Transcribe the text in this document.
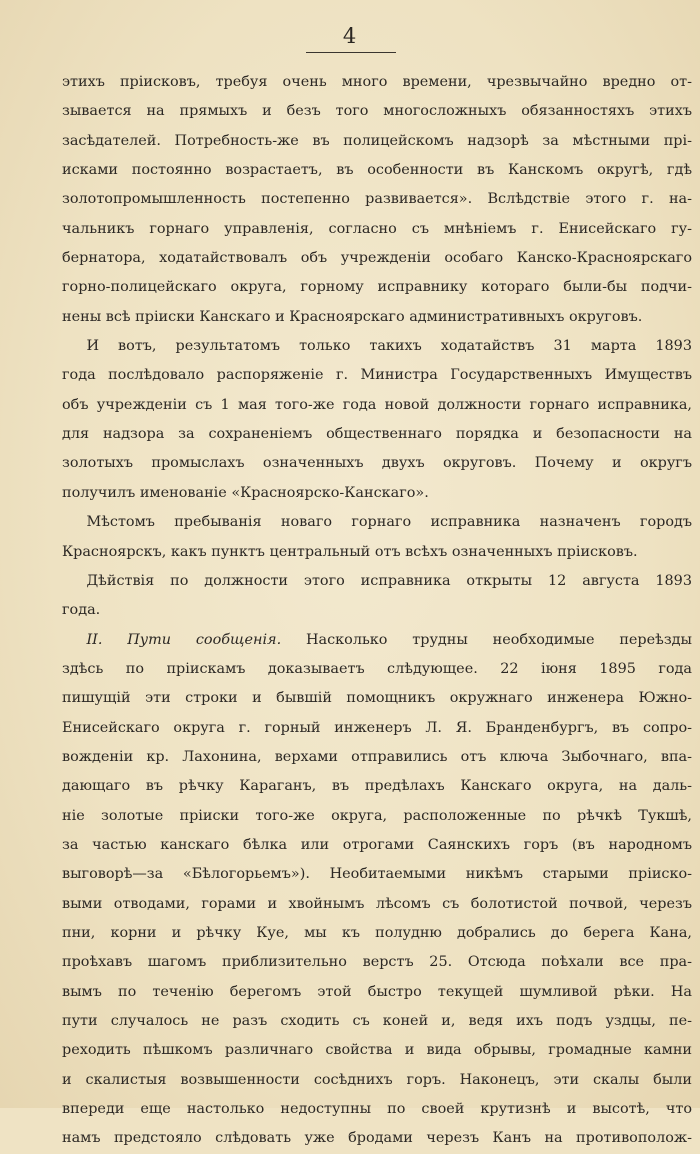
4
этихъ прiисковъ, требуя очень много времени, чрезвычайно вредно от-
зывается на прямыхъ и безъ того многосложныхъ обязанностяхъ этихъ
засѣдателей. Потребность-же въ полицейскомъ надзорѣ за мѣстными прi-
исками постоянно возрастаетъ, въ особенности въ Канскомъ округѣ, гдѣ
золотопромышленность постепенно развивается». Вслѣдствiе этого г. на-
чальникъ горнаго управленiя, согласно съ мнѣнiемъ г. Енисейскаго гу-
бернатора, ходатайствовалъ объ учрежденiи особаго Канско-Красноярскаго
горно-полицейскаго округа, горному исправнику котораго были-бы подчи-
нены всѣ прiиски Канскаго и Красноярскаго административныхъ округовъ.
И вотъ, результатомъ только такихъ ходатайствъ 31 марта 1893
года послѣдовало распоряженiе г. Министра Государственныхъ Имуществъ
объ учрежденiи съ 1 мая того-же года новой должности горнаго исправника,
для надзора за сохраненiемъ общественнаго порядка и безопасности на
золотыхъ промыслахъ означенныхъ двухъ округовъ. Почему и округъ
получилъ именованiе «Красноярско-Канскаго».
Мѣстомъ пребыванiя новаго горнаго исправника назначенъ городъ
Красноярскъ, какъ пунктъ центральный отъ всѣхъ означенныхъ прiисковъ.
Дѣйствiя по должности этого исправника открыты 12 августа 1893
года.
II. Пути сообщенiя. Насколько трудны необходимые переѣзды
здѣсь по прiискамъ доказываетъ слѣдующее. 22 iюня 1895 года
пишущiй эти строки и бывшiй помощникъ окружнаго инженера Южно-
Енисейскаго округа г. горный инженеръ Л. Я. Бранденбургъ, въ сопро-
вожденiи кр. Лахонина, верхами отправились отъ ключа Зыбочнаго, впа-
дающаго въ рѣчку Караганъ, въ предѣлахъ Канскаго округа, на даль-
нiе золотые прiиски того-же округа, расположенные по рѣчкѣ Тукшѣ,
за частью канскаго бѣлка или отрогами Саянскихъ горъ (въ народномъ
выговорѣ—за «Бѣлогорьемъ»). Необитаемыми никѣмъ старыми прiиско-
выми отводами, горами и хвойнымъ лѣсомъ съ болотистой почвой, черезъ
пни, корни и рѣчку Куе, мы къ полудню добрались до берега Кана,
проѣхавъ шагомъ приблизительно верстъ 25. Отсюда поѣхали все пра-
вымъ по теченiю берегомъ этой быстро текущей шумливой рѣки. На
пути случалось не разъ сходить съ коней и, ведя ихъ подъ уздцы, пе-
реходить пѣшкомъ различнаго свойства и вида обрывы, громадные камни
и скалистыя возвышенности сосѣднихъ горъ. Наконецъ, эти скалы были
впереди еще настолько недоступны по своей крутизнѣ и высотѣ, что
намъ предстояло слѣдовать уже бродами черезъ Канъ на противополож-
